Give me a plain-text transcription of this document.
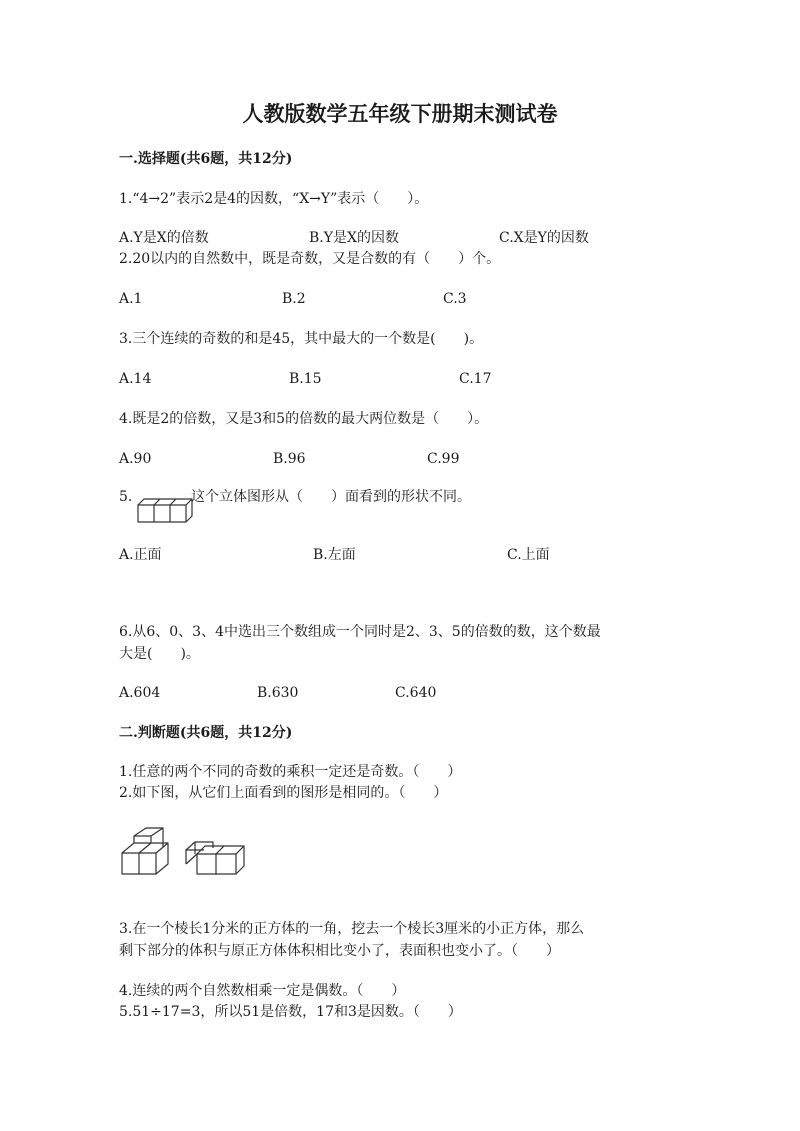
人教版数学五年级下册期末测试卷
一.选择题(共6题，共12分)
1.“4→2”表示2是4的因数，“X→Y”表示（　　）。
A.Y是X的倍数	B.Y是X的因数	C.X是Y的因数
2.20以内的自然数中，既是奇数，又是合数的有（　　）个。
A.1	B.2	C.3
3.三个连续的奇数的和是45，其中最大的一个数是(　　)。
A.14	B.15	C.17
4.既是2的倍数，又是3和5的倍数的最大两位数是（　　）。
A.90	B.96	C.99
5.	这个立体图形从（　　）面看到的形状不同。
A.正面	B.左面	C.上面
6.从6、0、3、4中选出三个数组成一个同时是2、3、5的倍数的数，这个数最
大是(　　)。
A.604	B.630	C.640
二.判断题(共6题，共12分)
1.任意的两个不同的奇数的乘积一定还是奇数。（　　）
2.如下图，从它们上面看到的图形是相同的。（　　）
3.在一个棱长1分米的正方体的一角，挖去一个棱长3厘米的小正方体，那么
剩下部分的体积与原正方体体积相比变小了，表面积也变小了。（　　）
4.连续的两个自然数相乘一定是偶数。（　　）
5.51÷17=3，所以51是倍数，17和3是因数。（　　）
